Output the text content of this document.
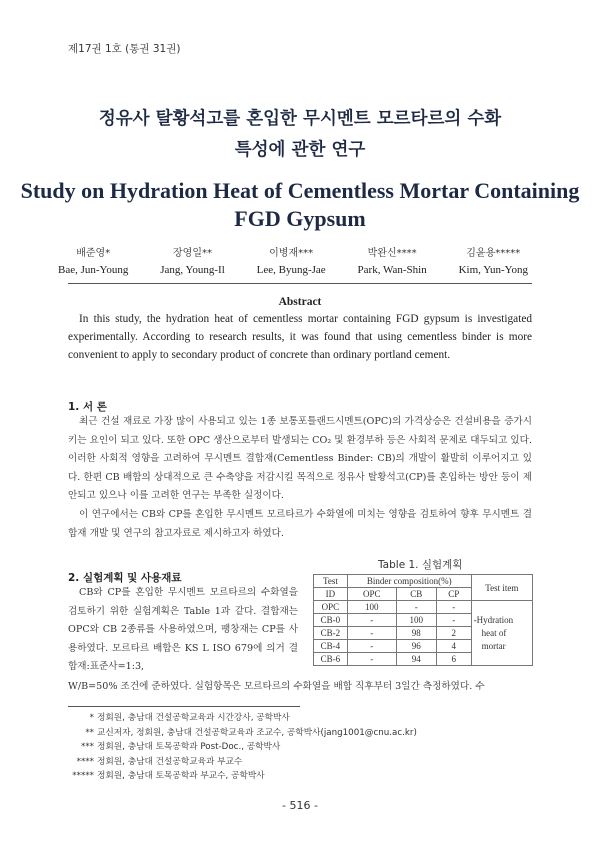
제17권 1호 (통권 31권)
정유사 탈황석고를 혼입한 무시멘트 모르타르의 수화
특성에 관한 연구
Study on Hydration Heat of Cementless Mortar Containing
FGD Gypsum
배준영*
Bae, Jun-Young
장영일**
Jang, Young-Il
이병재***
Lee, Byung-Jae
박완신****
Park, Wan-Shin
김윤용*****
Kim, Yun-Yong
Abstract
In this study, the hydration heat of cementless mortar containing FGD gypsum is investigated experimentally. According to research results, it was found that using cementless binder is more convenient to apply to secondary product of concrete than ordinary portland cement.
1. 서 론

최근 건설 재료로 가장 많이 사용되고 있는 1종 보통포틀랜드시멘트(OPC)의 가격상승은 건설비용을 증가시키는 요인이 되고 있다. 또한 OPC 생산으로부터 발생되는 CO₂ 및 환경부하 등은 사회적 문제로 대두되고 있다. 이러한 사회적 영향을 고려하여 무시멘트 결합재(Cementless Binder: CB)의 개발이 활발히 이루어지고 있다. 한편 CB 배합의 상대적으로 큰 수축양을 저감시킬 목적으로 정유사 탈황석고(CP)를 혼입하는 방안 등이 제안되고 있으나 이를 고려한 연구는 부족한 실정이다.

이 연구에서는 CB와 CP를 혼입한 무시멘트 모르타르가 수화열에 미치는 영향을 검토하여 향후 무시멘트 결합재 개발 및 연구의 참고자료로 제시하고자 하였다.

Table 1. 실험계획
Test	Binder composition(%)			Test item
ID	OPC	CB	CP	
OPC	100	-	-	-Hydration
heat of
mortar

CB-0	-	100	-	
CB-2	-	98	2	
CB-4	-	96	4	
CB-6	-	94	6	
2. 실험계획 및 사용재료

CB와 CP를 혼입한 무시멘트 모르타르의 수화열을 검토하기 위한 실험계획은 Table 1과 같다. 결합재는 OPC와 CB 2종류를 사용하였으며, 팽창재는 CP를 사용하였다. 모르타르 배합은 KS L ISO 679에 의거 결합재:표준사=1:3,

W/B=50% 조건에 준하였다. 실험항목은 모르타르의 수화열을 배합 직후부터 3일간 측정하였다. 수

* 정회원, 충남대 건설공학교육과 시간강사, 공학박사
** 교신저자, 정회원, 충남대 건설공학교육과 조교수, 공학박사(jang1001@cnu.ac.kr)
*** 정회원, 충남대 토목공학과 Post-Doc., 공학박사
**** 정회원, 충남대 건설공학교육과 부교수
***** 정회원, 충남대 토목공학과 부교수, 공학박사
- 516 -
